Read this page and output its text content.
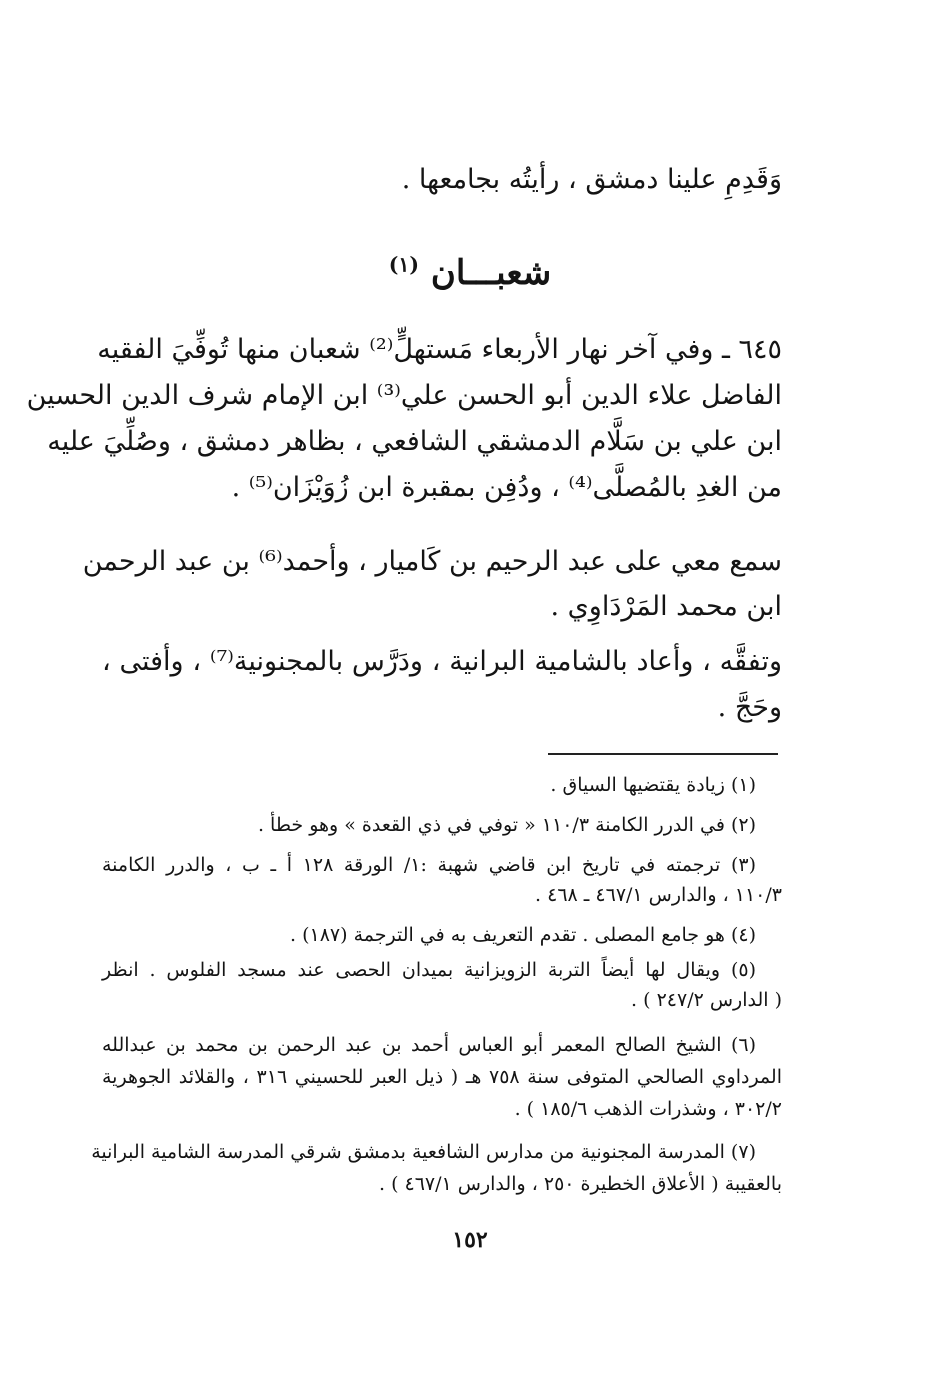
وَقَدِمِ علينا دمشق ، رأيتُه بجامعها .
شعبـــان $^{(١)}$
٦٤٥ ـ وفي آخر نهار الأربعاء مَستهلٍّ⁽²⁾ شعبان منها تُوفِّيَ الفقيه
الفاضل علاء الدين أبو الحسن علي⁽³⁾ ابن الإمام شرف الدين الحسين
ابن علي بن سَلَّام الدمشقي الشافعي ، بظاهر دمشق ، وصُلِّيَ عليه
من الغدِ بالمُصلَّى⁽⁴⁾ ، ودُفِن بمقبرة ابن زُوَيْزَان⁽⁵⁾ .
سمع معي على عبد الرحيم بن كَاميار ، وأحمد⁽⁶⁾ بن عبد الرحمن
ابن محمد المَرْدَاوِي .
وتفقَّه ، وأعاد بالشامية البرانية ، ودَرَّس بالمجنونية⁽⁷⁾ ، وأفتى ،
وحَجَّ .
(١) زيادة يقتضيها السياق .
(٢) في الدرر الكامنة ١١٠/٣ « توفي في ذي القعدة » وهو خطأ .
(٣) ترجمته في تاريخ ابن قاضي شهبة :١/ الورقة ١٢٨ أ ـ ب ، والدرر الكامنة
١١٠/٣ ، والدارس ٤٦٧/١ ـ ٤٦٨ .
(٤) هو جامع المصلى . تقدم التعريف به في الترجمة (١٨٧) .
(٥) ويقال لها أيضاً التربة الزويزانية بميدان الحصى عند مسجد الفلوس . انظر
( الدارس ٢٤٧/٢ ) .
(٦) الشيخ الصالح المعمر أبو العباس أحمد بن عبد الرحمن بن محمد بن عبدالله
المرداوي الصالحي المتوفى سنة ٧٥٨ هـ ( ذيل العبر للحسيني ٣١٦ ، والقلائد الجوهرية
٣٠٢/٢ ، وشذرات الذهب ١٨٥/٦ ) .
(٧) المدرسة المجنونية من مدارس الشافعية بدمشق شرقي المدرسة الشامية البرانية
بالعقيبة ( الأعلاق الخطيرة ٢٥٠ ، والدارس ٤٦٧/١ ) .
١٥٢
